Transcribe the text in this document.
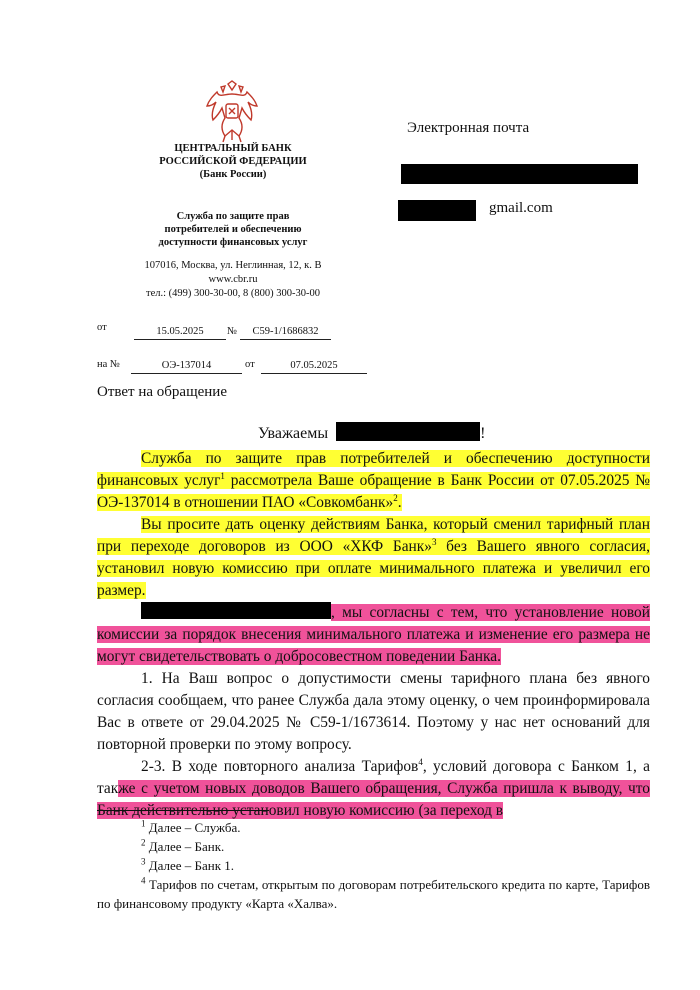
ЦЕНТРАЛЬНЫЙ БАНК
РОССИЙСКОЙ ФЕДЕРАЦИИ
(Банк России)
Служба по защите прав
потребителей и обеспечению
доступности финансовых услуг
107016, Москва, ул. Неглинная, 12, к. В
www.cbr.ru
тел.: (499) 300-30-00, 8 (800) 300-30-00
Электронная почта
gmail.com
от	15.05.2025	№	С59-1/1686832
на №	ОЭ-137014	от	07.05.2025
Ответ на обращение
Уважаемы	!

Служба по защите прав потребителей и обеспечению доступности финансовых услуг$^1$ рассмотрела Ваше обращение в Банк России от 07.05.2025 № ОЭ-137014 в отношении ПАО «Совкомбанк»$^2$.

Вы просите дать оценку действиям Банка, который сменил тарифный план при переходе договоров из ООО «ХКФ Банк»$^3$ без Вашего явного согласия, установил новую комиссию при оплате минимального платежа и увеличил его размер.

, мы согласны с тем, что установление новой комиссии за порядок внесения минимального платежа и изменение его размера не могут свидетельствовать о добросовестном поведении Банка.

1. На Ваш вопрос о допустимости смены тарифного плана без явного согласия сообщаем, что ранее Служба дала этому оценку, о чем проинформировала Вас в ответе от 29.04.2025 № С59-1/1673614. Поэтому у нас нет оснований для повторной проверки по этому вопросу.

2-3. В ходе повторного анализа Тарифов$^4$, условий договора с Банком 1, а также с учетом новых доводов Вашего обращения, Служба пришла к выводу, что Банк действительно установил новую комиссию (за переход в

$^1$ Далее – Служба.
$^2$ Далее – Банк.
$^3$ Далее – Банк 1.
$^4$ Тарифов по счетам, открытым по договорам потребительского кредита по карте, Тарифов по финансовому продукту «Карта «Халва».
